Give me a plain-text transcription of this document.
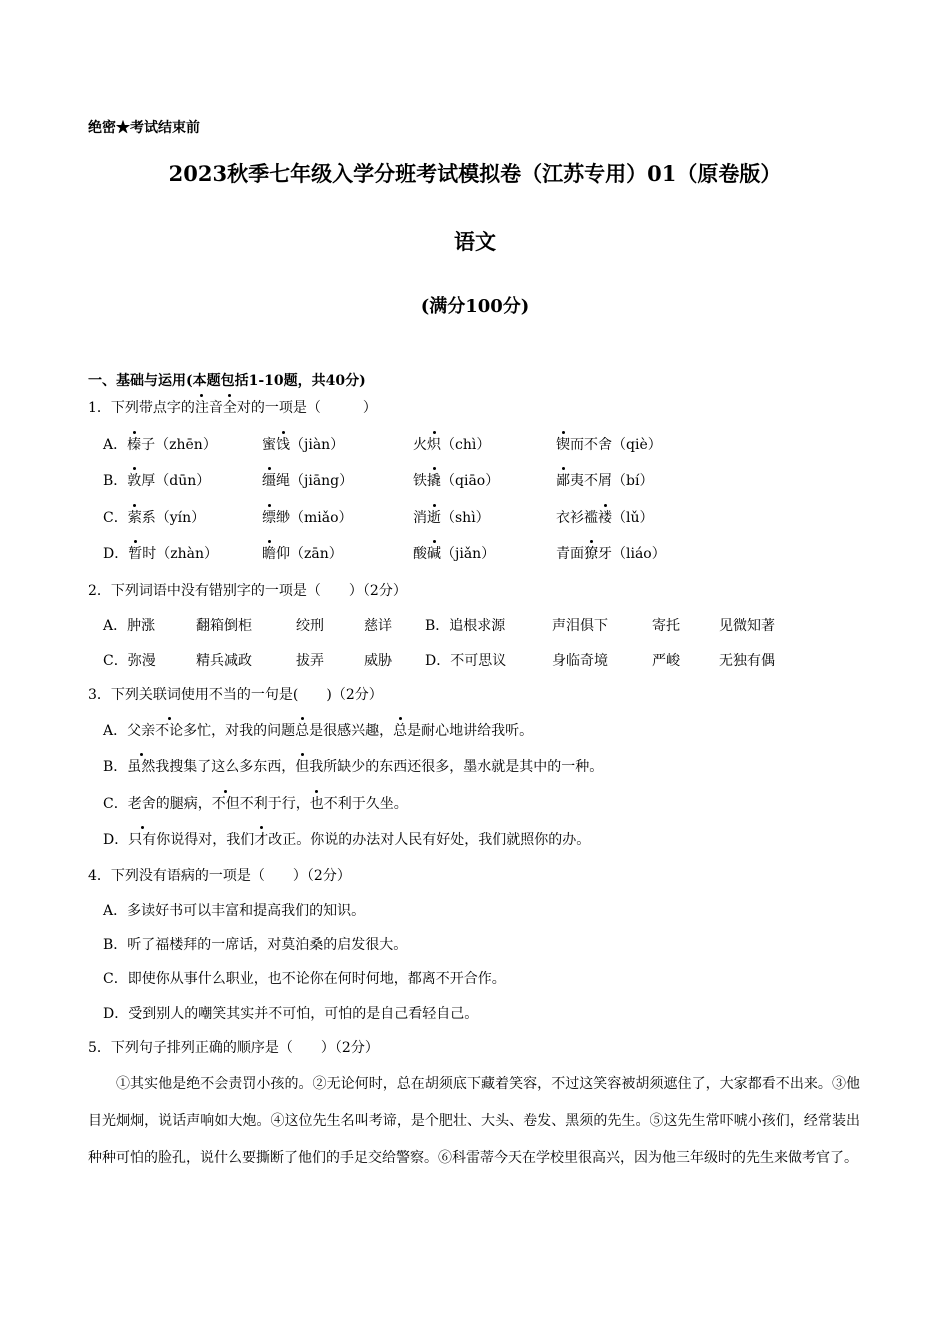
绝密★考试结束前
2023秋季七年级入学分班考试模拟卷（江苏专用）01（原卷版）
语文
(满分100分)
一、基础与运用(本题包括1-10题，共40分)
1．下列带点字的注音全对的一项是（　　　）
A．榛子（zhēn）	蜜饯（jiàn）	火炽（chì）	锲而不舍（qiè）
B．敦厚（dūn）	缰绳（jiāng）	铁撬（qiāo）	鄙夷不屑（bí）
C．萦系（yín）	缥缈（miǎo）	消逝（shì）	衣衫褴褛（lǔ）
D．暂时（zhàn）	瞻仰（zān）	酸碱（jiǎn）	青面獠牙（liáo）
2．下列词语中没有错别字的一项是（　　）（2分）
A．肿涨	翻箱倒柜	绞刑	慈详 B．追根求源	声泪俱下	寄托	见微知著
C．弥漫	精兵减政	拔弄	威胁 D．不可思议	身临奇境	严峻	无独有偶
3．下列关联词使用不当的一句是(　　)（2分）
A．父亲不论多忙，对我的问题总是很感兴趣，总是耐心地讲给我听。
B．虽然我搜集了这么多东西，但我所缺少的东西还很多，墨水就是其中的一种。
C．老舍的腿病，不但不利于行，也不利于久坐。
D．只有你说得对，我们才改正。你说的办法对人民有好处，我们就照你的办。
4．下列没有语病的一项是（　　）（2分）
A．多读好书可以丰富和提高我们的知识。
B．听了福楼拜的一席话，对莫泊桑的启发很大。
C．即使你从事什么职业，也不论你在何时何地，都离不开合作。
D．受到别人的嘲笑其实并不可怕，可怕的是自己看轻自己。
5．下列句子排列正确的顺序是（　　）（2分）
①其实他是绝不会责罚小孩的。②无论何时，总在胡须底下藏着笑容，不过这笑容被胡须遮住了，大家都看不出来。③他目光炯炯，说话声响如大炮。④这位先生名叫考谛，是个肥壮、大头、卷发、黑须的先生。⑤这先生常吓唬小孩们，经常装出种种可怕的脸孔，说什么要撕断了他们的手足交给警察。⑥科雷蒂今天在学校里很高兴，因为他三年级时的先生来做考官了。
